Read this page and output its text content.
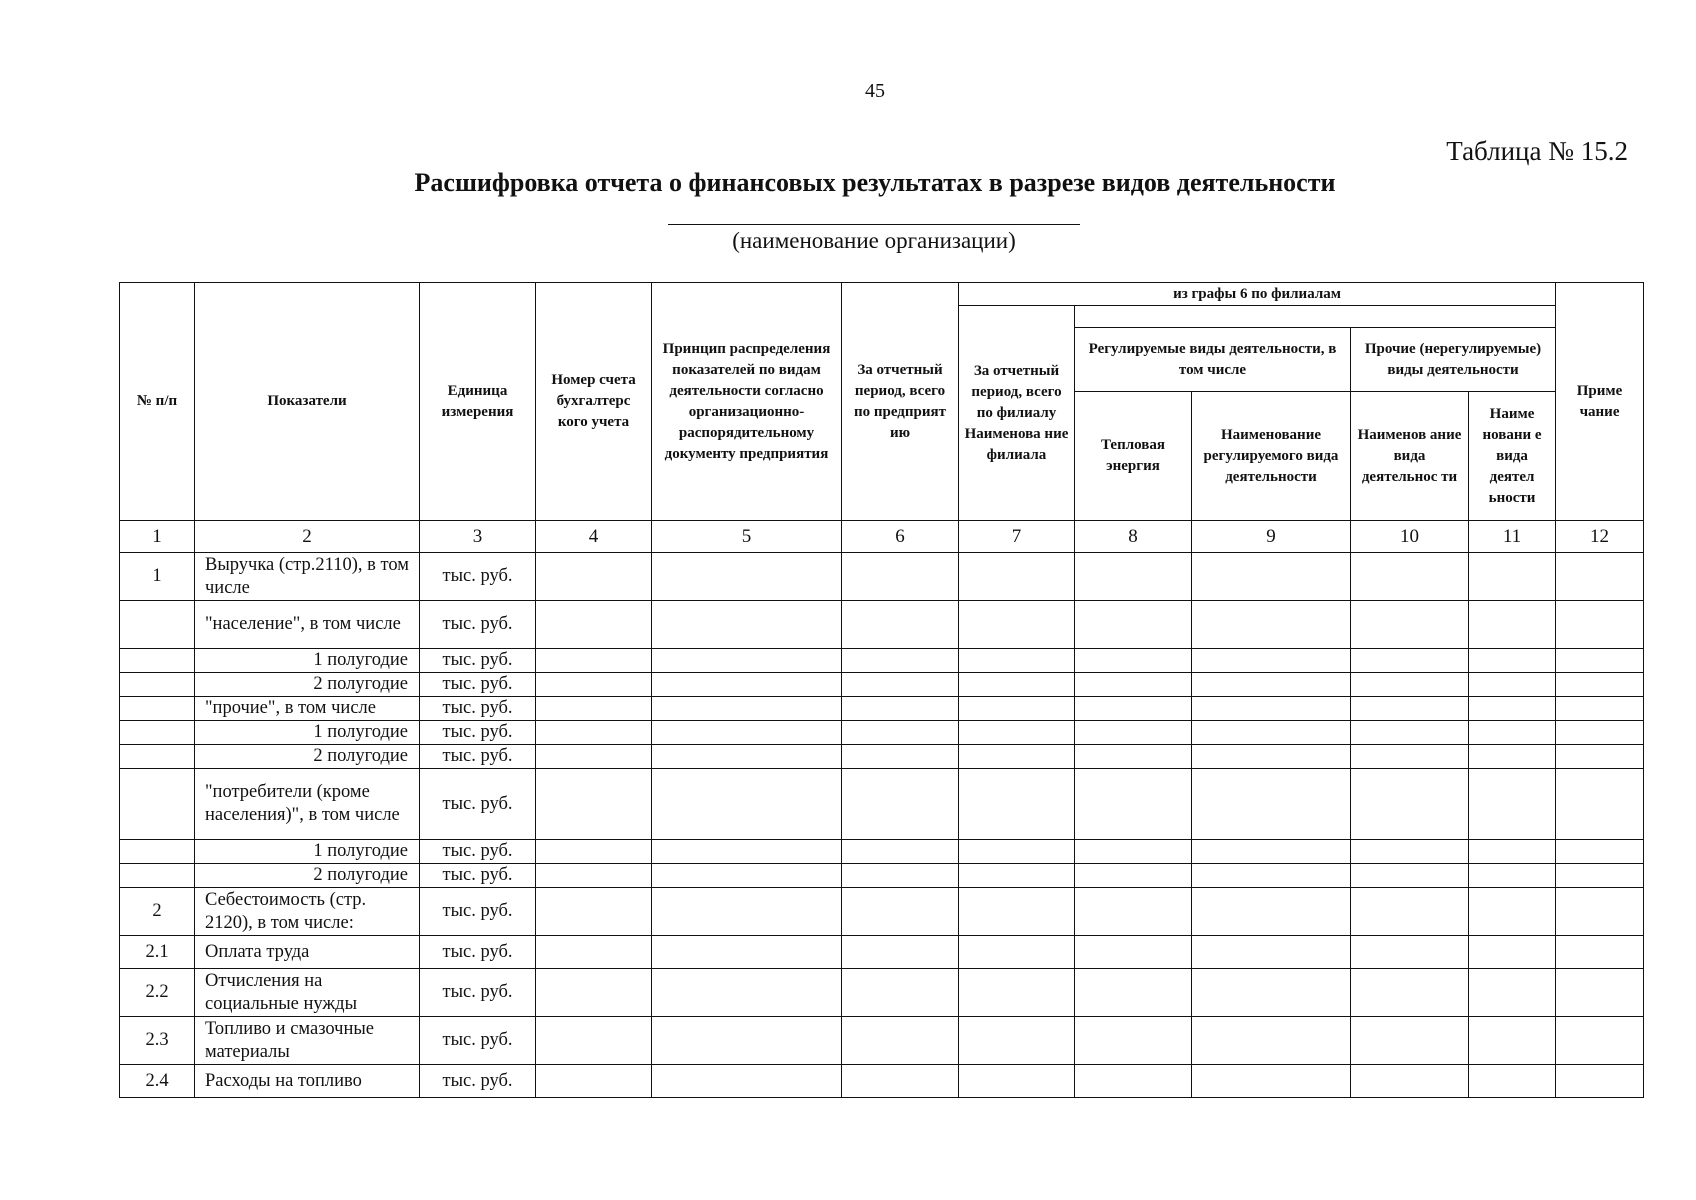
45
Таблица № 15.2
Расшифровка отчета о финансовых результатах в разрезе видов деятельности
(наименование организации)
№ п/п	Показатели	Единица измерения	Номер счета бухгалтерс кого учета	Принцип распределения показателей по видам деятельности согласно организационно-распорядительному документу предприятия	За отчетный период, всего по предприят ию	из графы 6 по филиалам					Приме чание
						За отчетный период, всего по филиалу Наименова ние филиала					
							Регулируемые виды деятельности, в том числе		Прочие (нерегулируемые) виды деятельности		
							Тепловая энергия	Наименование регулируемого вида деятельности	Наименов ание вида деятельнос ти	Наиме новани е вида деятел ьности	
1	2	3	4	5	6	7	8	9	10	11	12
1	Выручка (стр.2110), в том числе	тыс. руб.									
	"население", в том числе	тыс. руб.									
	1 полугодие	тыс. руб.									
	2 полугодие	тыс. руб.									
	"прочие", в том числе	тыс. руб.									
	1 полугодие	тыс. руб.									
	2 полугодие	тыс. руб.									
	"потребители (кроме населения)", в том числе	тыс. руб.									
	1 полугодие	тыс. руб.									
	2 полугодие	тыс. руб.									
2	Себестоимость (стр. 2120), в том числе:	тыс. руб.									
2.1	Оплата труда	тыс. руб.									
2.2	Отчисления на социальные нужды	тыс. руб.									
2.3	Топливо и смазочные материалы	тыс. руб.									
2.4	Расходы на топливо	тыс. руб.									
